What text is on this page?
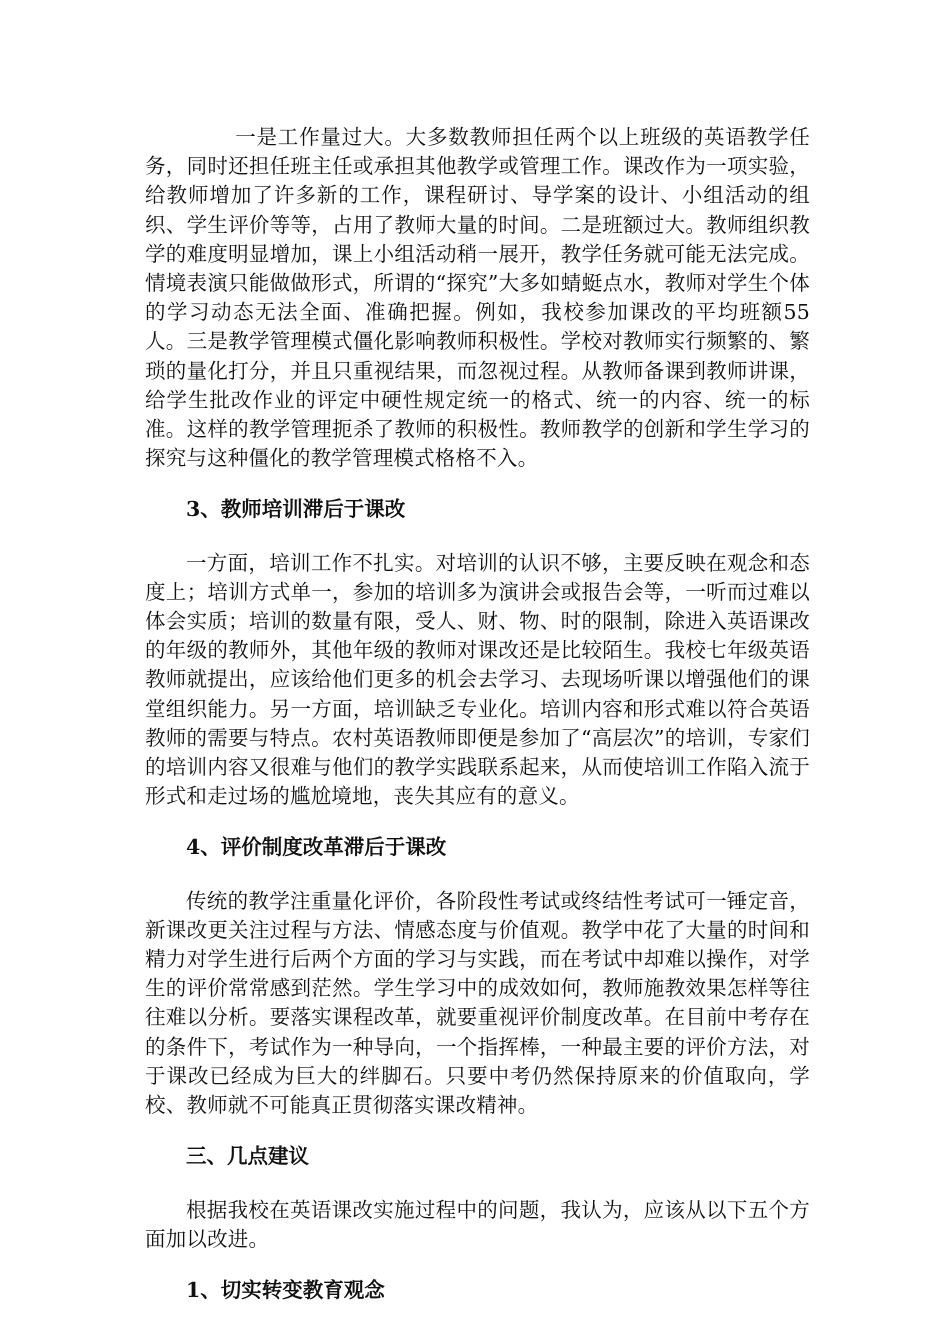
一是工作量过大。大多数教师担任两个以上班级的英语教学任务，同时还担任班主任或承担其他教学或管理工作。课改作为一项实验，给教师增加了许多新的工作，课程研讨、导学案的设计、小组活动的组织、学生评价等等，占用了教师大量的时间。二是班额过大。教师组织教学的难度明显增加，课上小组活动稍一展开，教学任务就可能无法完成。情境表演只能做做形式，所谓的“探究”大多如蜻蜓点水，教师对学生个体的学习动态无法全面、准确把握。例如，我校参加课改的平均班额55人。三是教学管理模式僵化影响教师积极性。学校对教师实行频繁的、繁琐的量化打分，并且只重视结果，而忽视过程。从教师备课到教师讲课，给学生批改作业的评定中硬性规定统一的格式、统一的内容、统一的标准。这样的教学管理扼杀了教师的积极性。教师教学的创新和学生学习的探究与这种僵化的教学管理模式格格不入。

3、教师培训滞后于课改

一方面，培训工作不扎实。对培训的认识不够，主要反映在观念和态度上；培训方式单一，参加的培训多为演讲会或报告会等，一听而过难以体会实质；培训的数量有限，受人、财、物、时的限制，除进入英语课改的年级的教师外，其他年级的教师对课改还是比较陌生。我校七年级英语教师就提出，应该给他们更多的机会去学习、去现场听课以增强他们的课堂组织能力。另一方面，培训缺乏专业化。培训内容和形式难以符合英语教师的需要与特点。农村英语教师即便是参加了“高层次”的培训，专家们的培训内容又很难与他们的教学实践联系起来，从而使培训工作陷入流于形式和走过场的尴尬境地，丧失其应有的意义。

4、评价制度改革滞后于课改

传统的教学注重量化评价，各阶段性考试或终结性考试可一锤定音，新课改更关注过程与方法、情感态度与价值观。教学中花了大量的时间和精力对学生进行后两个方面的学习与实践，而在考试中却难以操作，对学生的评价常常感到茫然。学生学习中的成效如何，教师施教效果怎样等往往难以分析。要落实课程改革，就要重视评价制度改革。在目前中考存在的条件下，考试作为一种导向，一个指挥棒，一种最主要的评价方法，对于课改已经成为巨大的绊脚石。只要中考仍然保持原来的价值取向，学校、教师就不可能真正贯彻落实课改精神。

三、几点建议

根据我校在英语课改实施过程中的问题，我认为，应该从以下五个方面加以改进。

1、切实转变教育观念
